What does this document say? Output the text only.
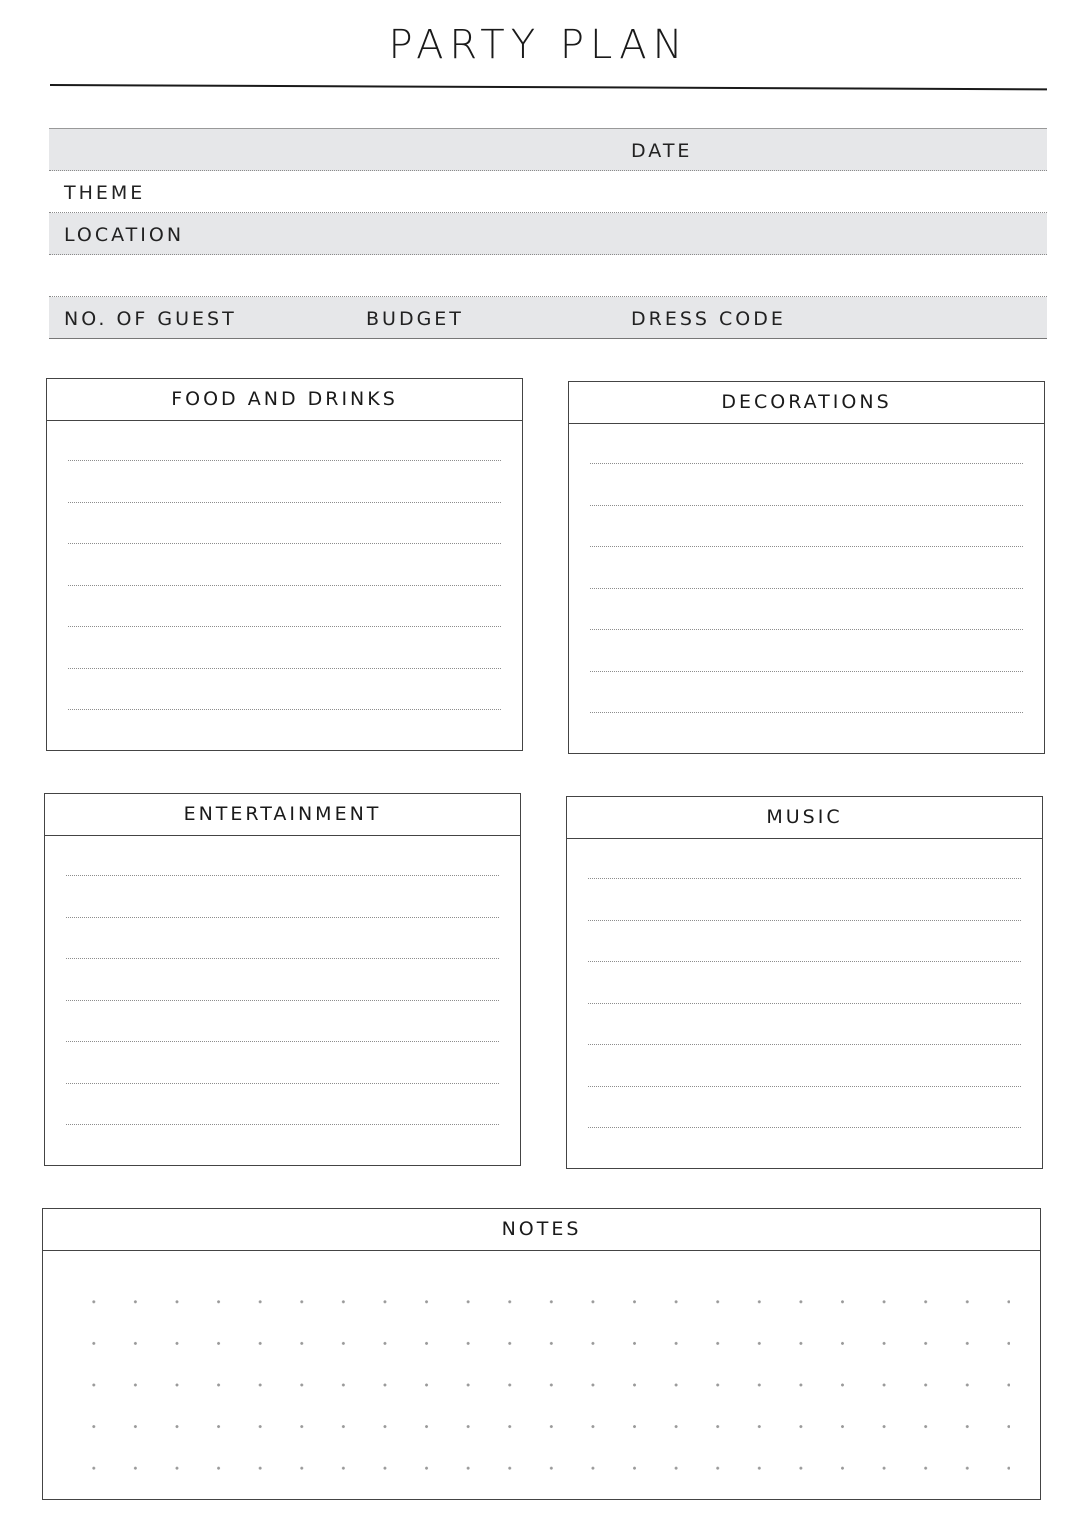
PARTY PLAN
DATE
THEME
LOCATION
NO. OF GUEST	BUDGET	DRESS CODE
FOOD AND DRINKS	DECORATIONS
ENTERTAINMENT	MUSIC
NOTES
